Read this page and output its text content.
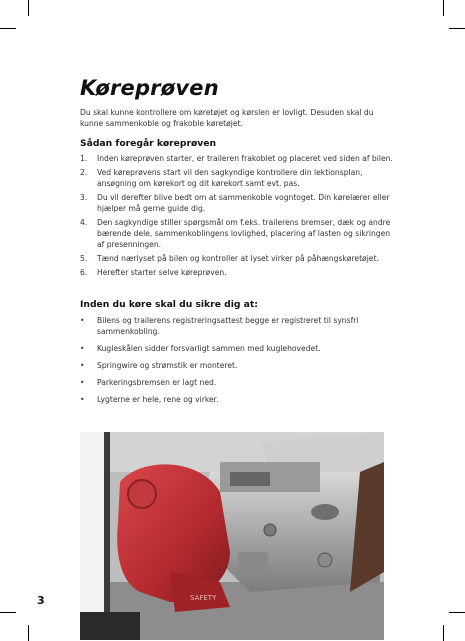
Køreprøven

Du skal kunne kontrollere om køretøjet og kørslen er lovligt. Desuden skal du kunne sammenkoble og frakoble køretøjet.

Sådan foregår køreprøven
1. Inden køreprøven starter, er traileren frakoblet og placeret ved siden af bilen.
2. Ved køreprøvens start vil den sagkyndige kontrollere din lektionsplan, ansøgning om kørekort og dit kørekort samt evt. pas.
3. Du vil derefter blive bedt om at sammenkoble vogntoget. Din kørelærer eller hjælper må gerne guide dig.
4. Den sagkyndige stiller spørgsmål om f.eks. trailerens bremser, dæk og andre bærende dele, sammenkoblingens lovlighed, placering af lasten og sikringen af presenningen.
5. Tænd nærlyset på bilen og kontroller at lyset virker på påhængskøretøjet.
6. Herefter starter selve køreprøven.
Inden du køre skal du sikre dig at:
• Bilens og trailerens registreringsattest begge er registreret til synsfri sammenkobling.
• Kugleskålen sidder forsvarligt sammen med kuglehovedet.
• Springwire og strømstik er monteret.
• Parkeringsbremsen er lagt ned.
• Lygterne er hele, rene og virker.
SAFETY
3
